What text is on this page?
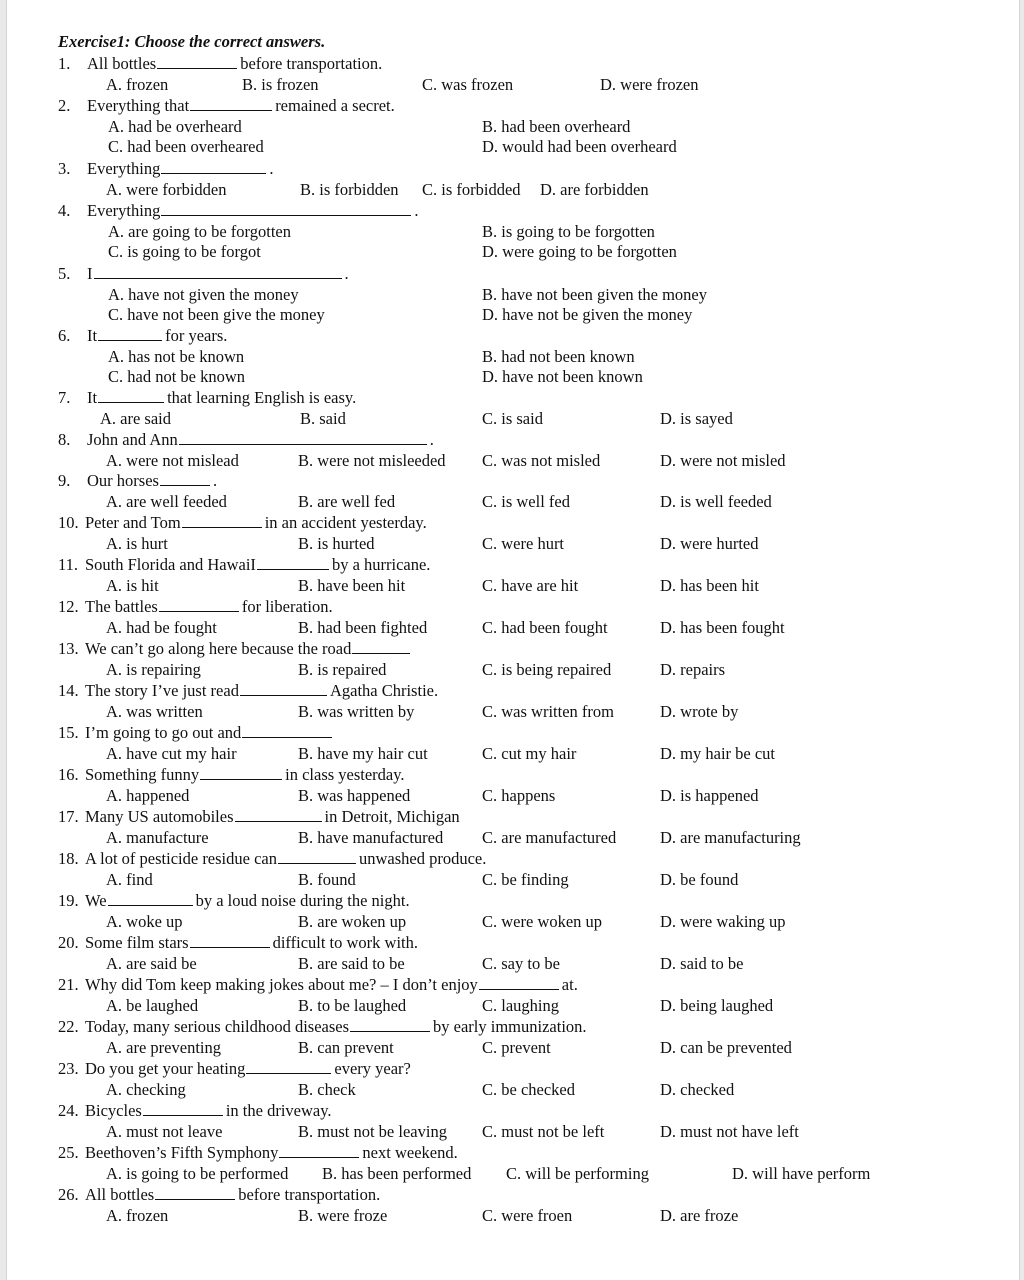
Exercise1: Choose the correct answers.
1. All bottles	before transportation.
A. frozen	B. is frozen	C. was frozen	D. were frozen
2. Everything that	remained a secret.
A. had be overheard	B. had been overheard
C. had been overheared	D. would had been overheard
3. Everything	.
A. were forbidden	B. is forbidden C. is forbidded D. are forbidden
4. Everything	.
A. are going to be forgotten	B. is going to be forgotten
C. is going to be forgot	D. were going to be forgotten
5. I	.
A. have not given the money	B. have not been given the money
C. have not been give the money	D. have not be given the money
6. It	for years.
A. has not be known	B. had not been known
C. had not be known	D. have not been known
7. It	that learning English is easy.
A. are said	B. said	C. is said	D. is sayed
8. John and Ann	.
A. were not mislead	B. were not misleeded C. was not misled	D. were not misled
9. Our horses	.
A. are well feeded	B. are well fed	C. is well fed	D. is well feeded
10. Peter and Tom	in an accident yesterday.
A. is hurt	B. is hurted	C. were hurt	D. were hurted
11. South Florida and HawaiI	by a hurricane.
A. is hit	B. have been hit	C. have are hit	D. has been hit
12. The battles	for liberation.
A. had be fought	B. had been fighted	C. had been fought	D. has been fought
13. We can’t go along here because the road
A. is repairing	B. is repaired	C. is being repaired	D. repairs
14. The story I’ve just read	Agatha Christie.
A. was written	B. was written by	C. was written from	D. wrote by
15. I’m going to go out and
A. have cut my hair	B. have my hair cut	C. cut my hair	D. my hair be cut
16. Something funny	in class yesterday.
A. happened	B. was happened	C. happens	D. is happened
17. Many US automobiles	in Detroit, Michigan
A. manufacture	B. have manufactured C. are manufactured	D. are manufacturing
18. A lot of pesticide residue can	unwashed produce.
A. find	B. found	C. be finding	D. be found
19. We	by a loud noise during the night.
A. woke up	B. are woken up	C. were woken up	D. were waking up
20. Some film stars	difficult to work with.
A. are said be	B. are said to be	C. say to be	D. said to be
21. Why did Tom keep making jokes about me? – I don’t enjoy	at.
A. be laughed	B. to be laughed	C. laughing	D. being laughed
22. Today, many serious childhood diseases	by early immunization.
A. are preventing	B. can prevent	C. prevent	D. can be prevented
23. Do you get your heating	every year?
A. checking	B. check	C. be checked	D. checked
24. Bicycles	in the driveway.
A. must not leave	B. must not be leaving C. must not be left	D. must not have left
25. Beethoven’s Fifth Symphony	next weekend.
A. is going to be performed B. has been performed C. will be performing	D. will have perform
26. All bottles	before transportation.
A. frozen	B. were froze	C. were froen	D. are froze
